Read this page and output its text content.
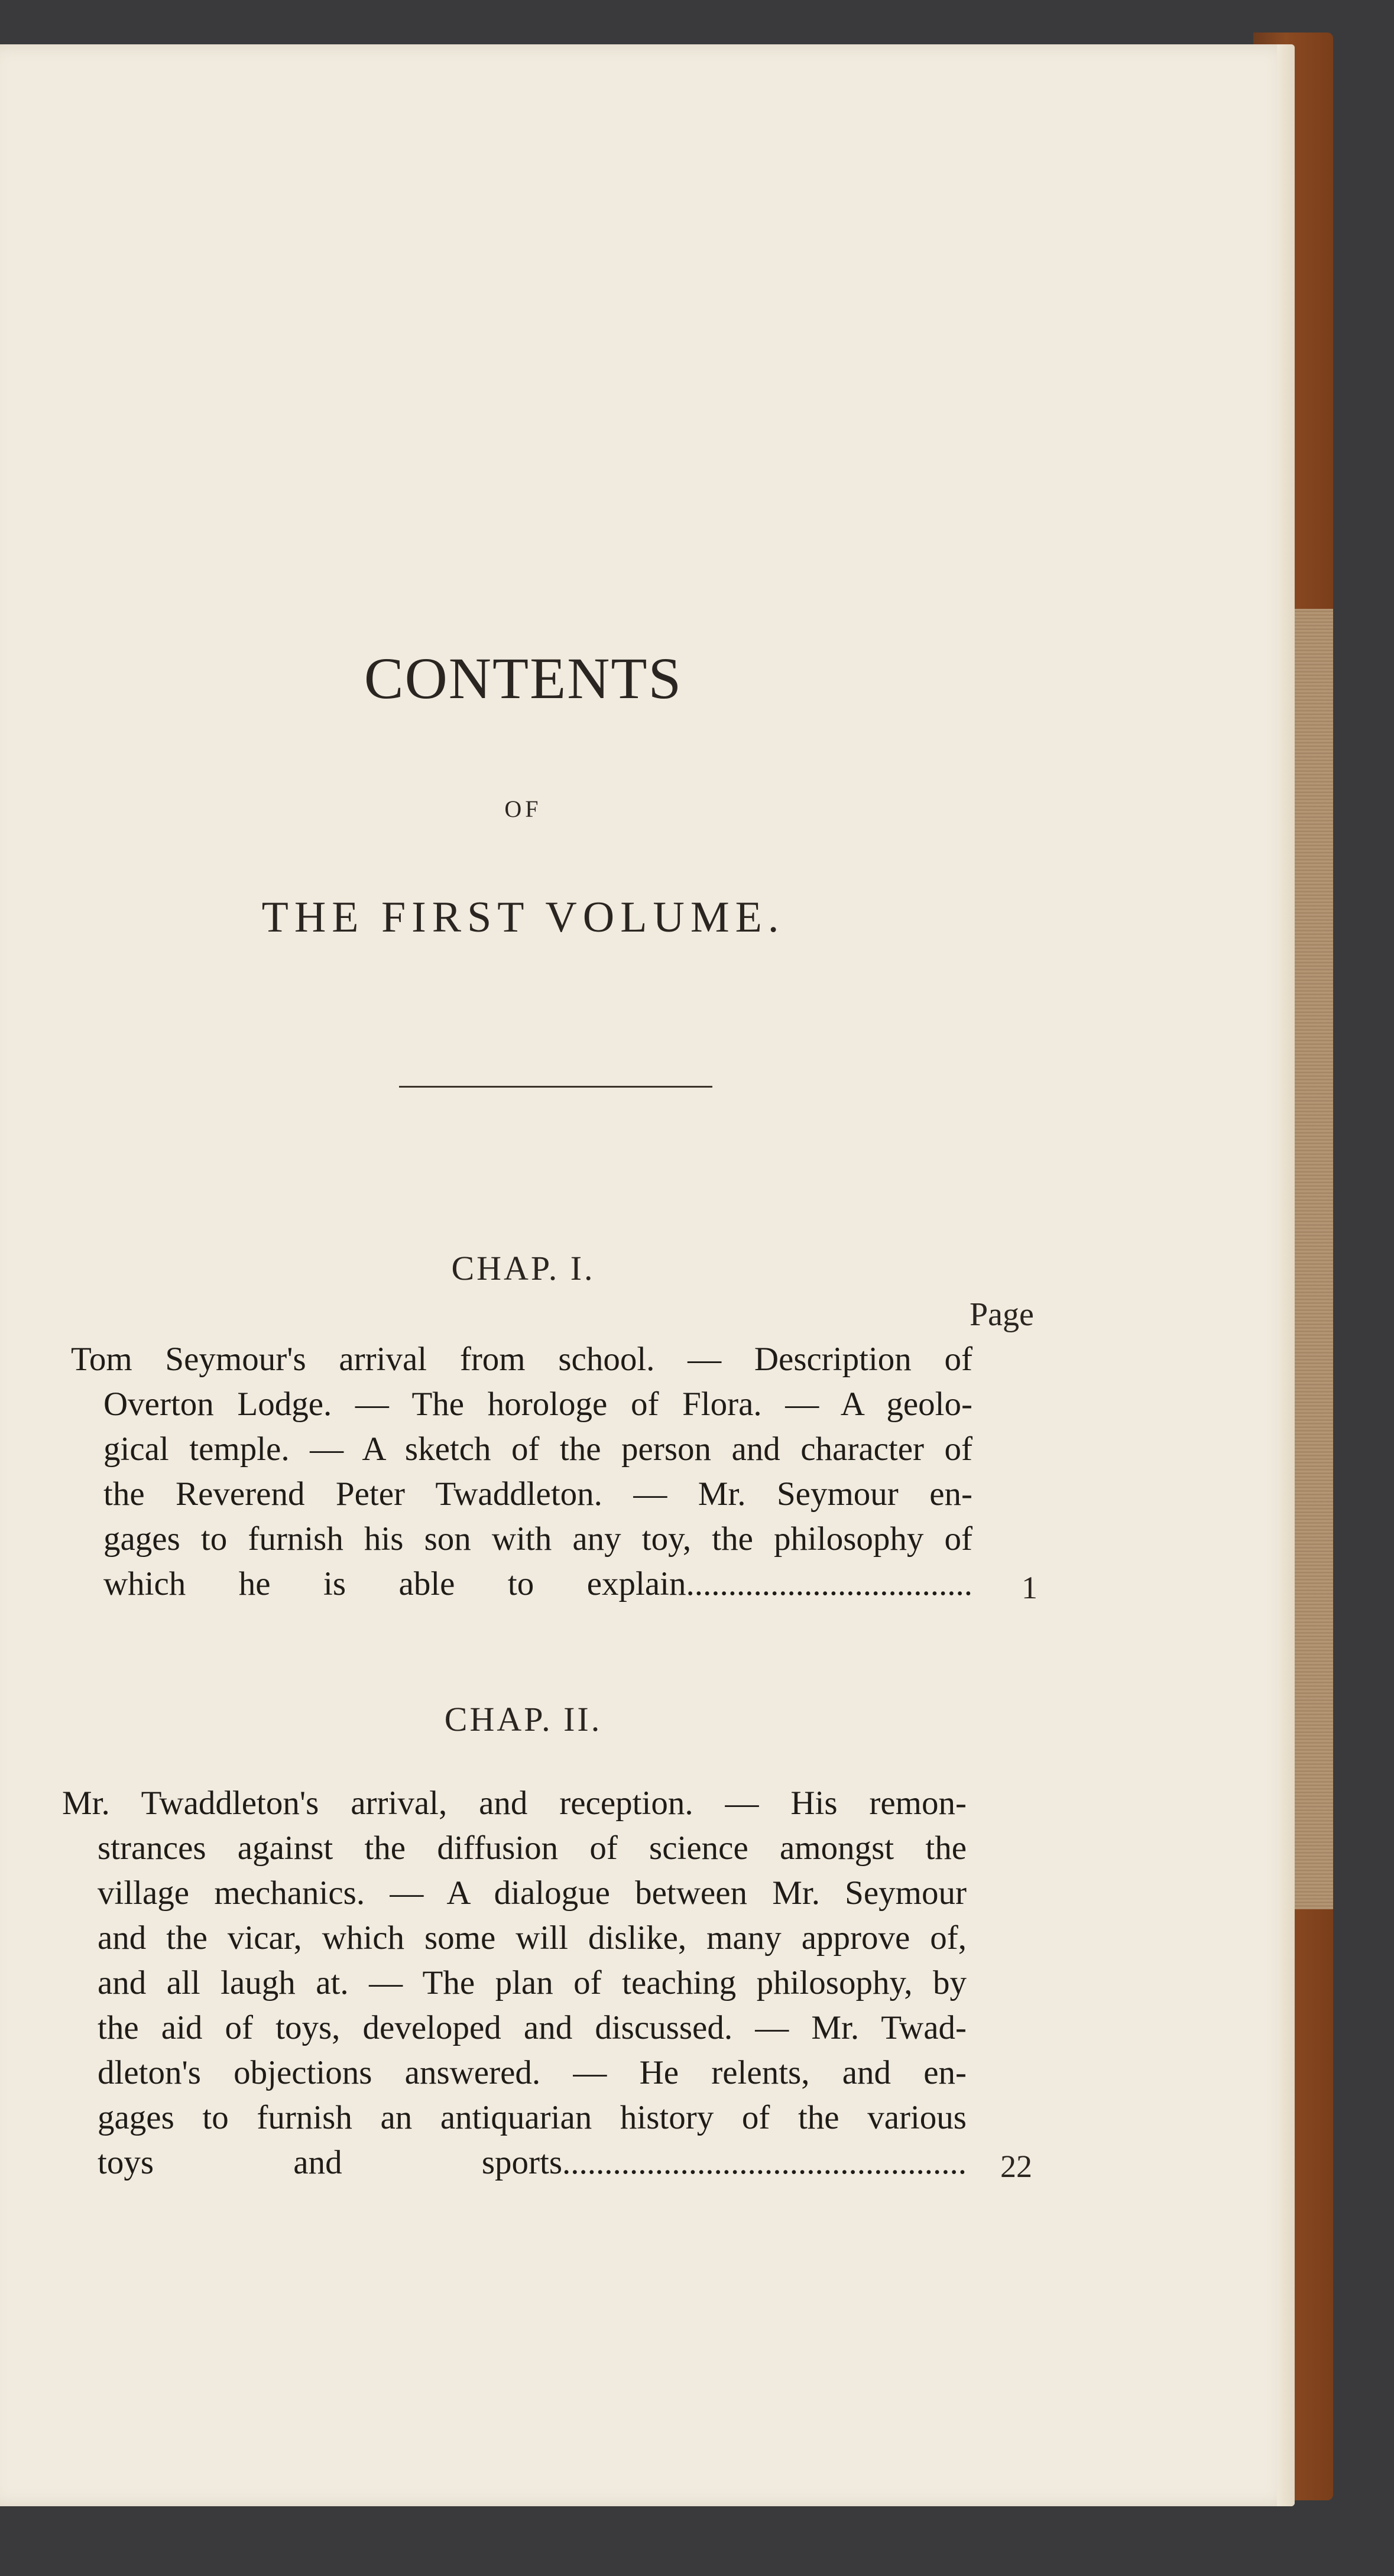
CONTENTS
OF
THE FIRST VOLUME.
CHAP. I.
Page
Tom Seymour's arrival from school. — Description of
Overton Lodge. — The horologe of Flora. — A geolo-
gical temple. — A sketch of the person and character of
the Reverend Peter Twaddleton. — Mr. Seymour en-
gages to furnish his son with any toy, the philosophy of
which he is able to explain.................................. 1
CHAP. II.
Mr. Twaddleton's arrival, and reception. — His remon-
strances against the diffusion of science amongst the
village mechanics. — A dialogue between Mr. Seymour
and the vicar, which some will dislike, many approve of,
and all laugh at. — The plan of teaching philosophy, by
the aid of toys, developed and discussed. — Mr. Twad-
dleton's objections answered. — He relents, and en-
gages to furnish an antiquarian history of the various
toys and sports................................................ 22
